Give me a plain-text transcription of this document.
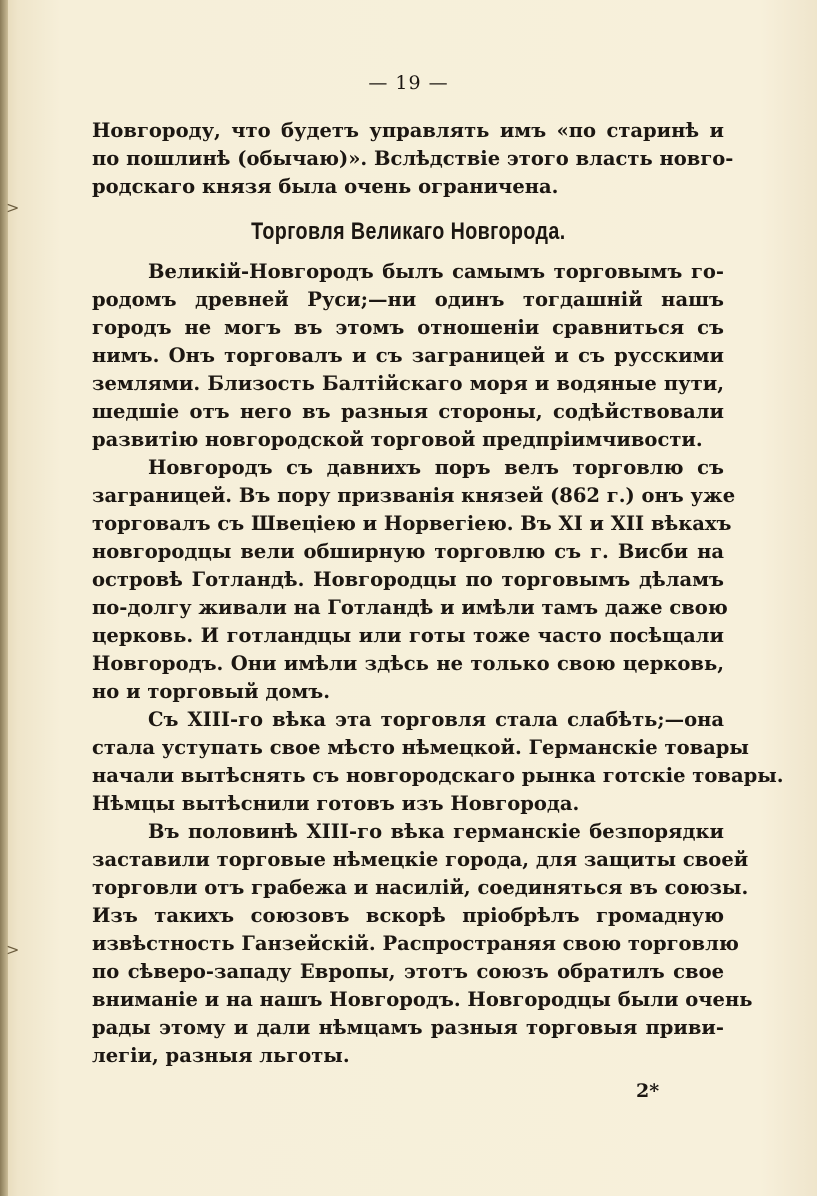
>
>
— 19 —
Новгороду, что будетъ управлять имъ «по старинѣ и
по пошлинѣ (обычаю)». Вслѣдствіе этого власть новго-
родскаго князя была очень ограничена.
Торговля Великаго Новгорода.
Великій-Новгородъ былъ самымъ торговымъ го-
родомъ древней Руси;—ни одинъ тогдашній нашъ
городъ не могъ въ этомъ отношеніи сравниться съ
нимъ. Онъ торговалъ и съ заграницей и съ русскими
землями. Близость Балтійскаго моря и водяные пути,
шедшіе отъ него въ разныя стороны, содѣйствовали
развитію новгородской торговой предпріимчивости.
Новгородъ съ давнихъ поръ велъ торговлю съ
заграницей. Въ пору призванія князей (862 г.) онъ уже
торговалъ съ Швеціею и Норвегіею. Въ XI и XII вѣкахъ
новгородцы вели обширную торговлю съ г. Висби на
островѣ Готландѣ. Новгородцы по торговымъ дѣламъ
по-долгу живали на Готландѣ и имѣли тамъ даже свою
церковь. И готландцы или готы тоже часто посѣщали
Новгородъ. Они имѣли здѣсь не только свою церковь,
но и торговый домъ.
Съ XIII-го вѣка эта торговля стала слабѣть;—она
стала уступать свое мѣсто нѣмецкой. Германскіе товары
начали вытѣснять съ новгородскаго рынка готскіе товары.
Нѣмцы вытѣснили готовъ изъ Новгорода.
Въ половинѣ XIII-го вѣка германскіе безпорядки
заставили торговые нѣмецкіе города, для защиты своей
торговли отъ грабежа и насилій, соединяться въ союзы.
Изъ такихъ союзовъ вскорѣ пріобрѣлъ громадную
извѣстность Ганзейскій. Распространяя свою торговлю
по сѣверо-западу Европы, этотъ союзъ обратилъ свое
вниманіе и на нашъ Новгородъ. Новгородцы были очень
рады этому и дали нѣмцамъ разныя торговыя приви-
легіи, разныя льготы.
2*
